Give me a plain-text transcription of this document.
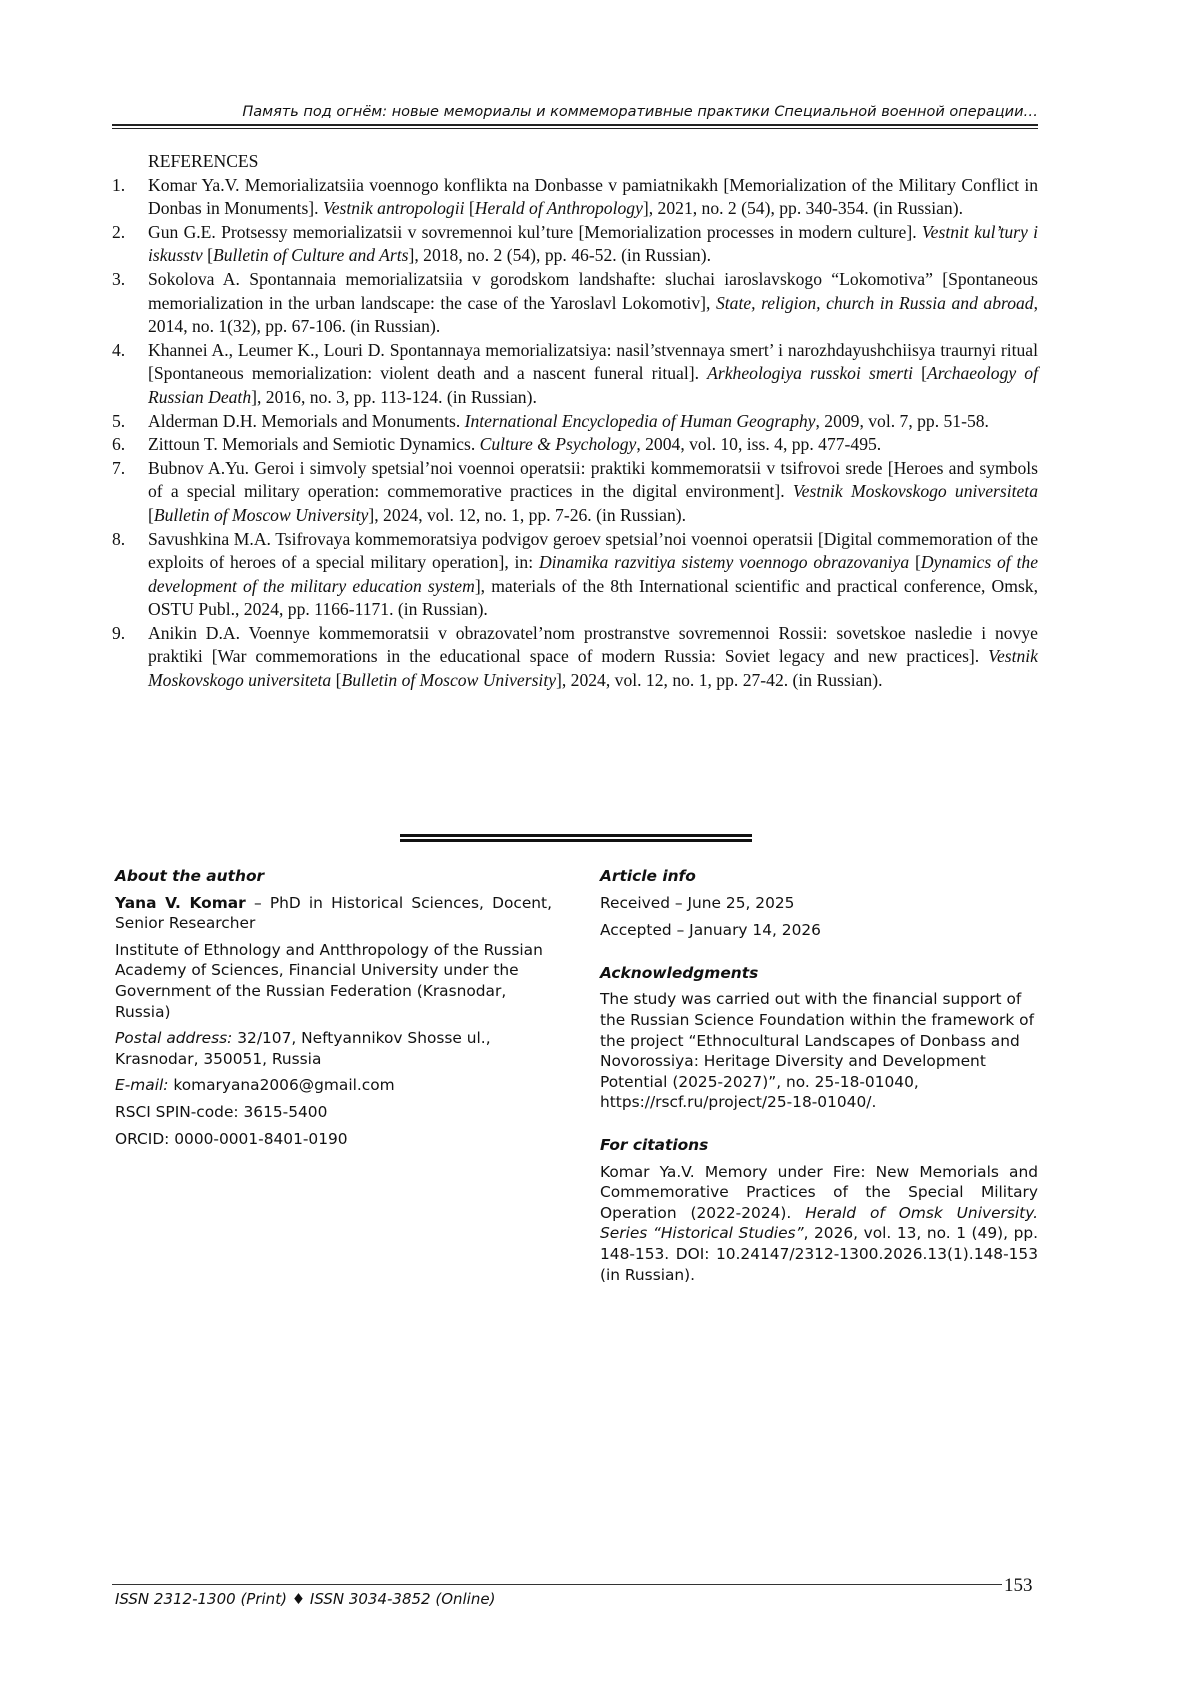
Память под огнём: новые мемориалы и коммеморативные практики Специальной военной операции…
REFERENCES
1.	Komar Ya.V. Memorializatsiia voennogo konflikta na Donbasse v pamiatnikakh [Memorialization of the Military Conflict in Donbas in Monuments]. Vestnik antropologii [Herald of Anthropology], 2021, no. 2 (54), pp. 340-354. (in Russian).
2.	Gun G.E. Protsessy memorializatsii v sovremennoi kul’ture [Memorialization processes in modern culture]. Vestnit kul’tury i iskusstv [Bulletin of Culture and Arts], 2018, no. 2 (54), pp. 46-52. (in Russian).
3.	Sokolova A. Spontannaia memorializatsiia v gorodskom landshafte: sluchai iaroslavskogo “Lokomotiva” [Spontaneous memorialization in the urban landscape: the case of the Yaroslavl Lokomotiv], State, religion, church in Russia and abroad, 2014, no. 1(32), pp. 67-106. (in Russian).
4.	Khannei A., Leumer K., Louri D. Spontannaya memorializatsiya: nasil’stvennaya smert’ i narozhdayushchiisya traurnyi ritual [Spontaneous memorialization: violent death and a nascent funeral ritual]. Arkheologiya russkoi smerti [Archaeology of Russian Death], 2016, no. 3, pp. 113-124. (in Russian).
5.	Alderman D.H. Memorials and Monuments. International Encyclopedia of Human Geography, 2009, vol. 7, pp. 51-58.
6.	Zittoun T. Memorials and Semiotic Dynamics. Culture & Psychology, 2004, vol. 10, iss. 4, pp. 477-495.
7.	Bubnov A.Yu. Geroi i simvoly spetsial’noi voennoi operatsii: praktiki kommemoratsii v tsifrovoi srede [Heroes and symbols of a special military operation: commemorative practices in the digital environment]. Vestnik Moskovskogo universiteta [Bulletin of Moscow University], 2024, vol. 12, no. 1, pp. 7-26. (in Russian).
8.	Savushkina M.A. Tsifrovaya kommemoratsiya podvigov geroev spetsial’noi voennoi operatsii [Digital commemoration of the exploits of heroes of a special military operation], in: Dinamika razvitiya sistemy voennogo obrazovaniya [Dynamics of the development of the military education system], materials of the 8th International scientific and practical conference, Omsk, OSTU Publ., 2024, pp. 1166-1171. (in Russian).
9.	Anikin D.A. Voennye kommemoratsii v obrazovatel’nom prostranstve sovremennoi Rossii: sovetskoe nasledie i novye praktiki [War commemorations in the educational space of modern Russia: Soviet legacy and new practices]. Vestnik Moskovskogo universiteta [Bulletin of Moscow University], 2024, vol. 12, no. 1, pp. 27-42. (in Russian).
About the author
Yana V. Komar – PhD in Historical Sciences, Docent, Senior Researcher
Institute of Ethnology and Antthropology of the Russian Academy of Sciences, Financial University under the Government of the Russian Federation (Krasnodar, Russia)
Postal address: 32/107, Neftyannikov Shosse ul., Krasnodar, 350051, Russia
E-mail: komaryana2006@gmail.com
RSCI SPIN-code: 3615-5400
ORCID: 0000-0001-8401-0190
Article info
Received – June 25, 2025
Accepted – January 14, 2026
Acknowledgments
The study was carried out with the financial support of the Russian Science Foundation within the framework of the project “Ethnocultural Landscapes of Donbass and Novorossiya: Heritage Diversity and Development Potential (2025-2027)”, no. 25-18-01040, https://rscf.ru/project/25-18-01040/.
For citations
Komar Ya.V. Memory under Fire: New Memorials and Commemorative Practices of the Special Military Operation (2022-2024). Herald of Omsk University. Series “Historical Studies”, 2026, vol. 13, no. 1 (49), pp. 148-153. DOI: 10.24147/2312-1300.2026.13(1).148-153 (in Russian).
ISSN 2312-1300 (Print) ♦ ISSN 3034-3852 (Online)
153
